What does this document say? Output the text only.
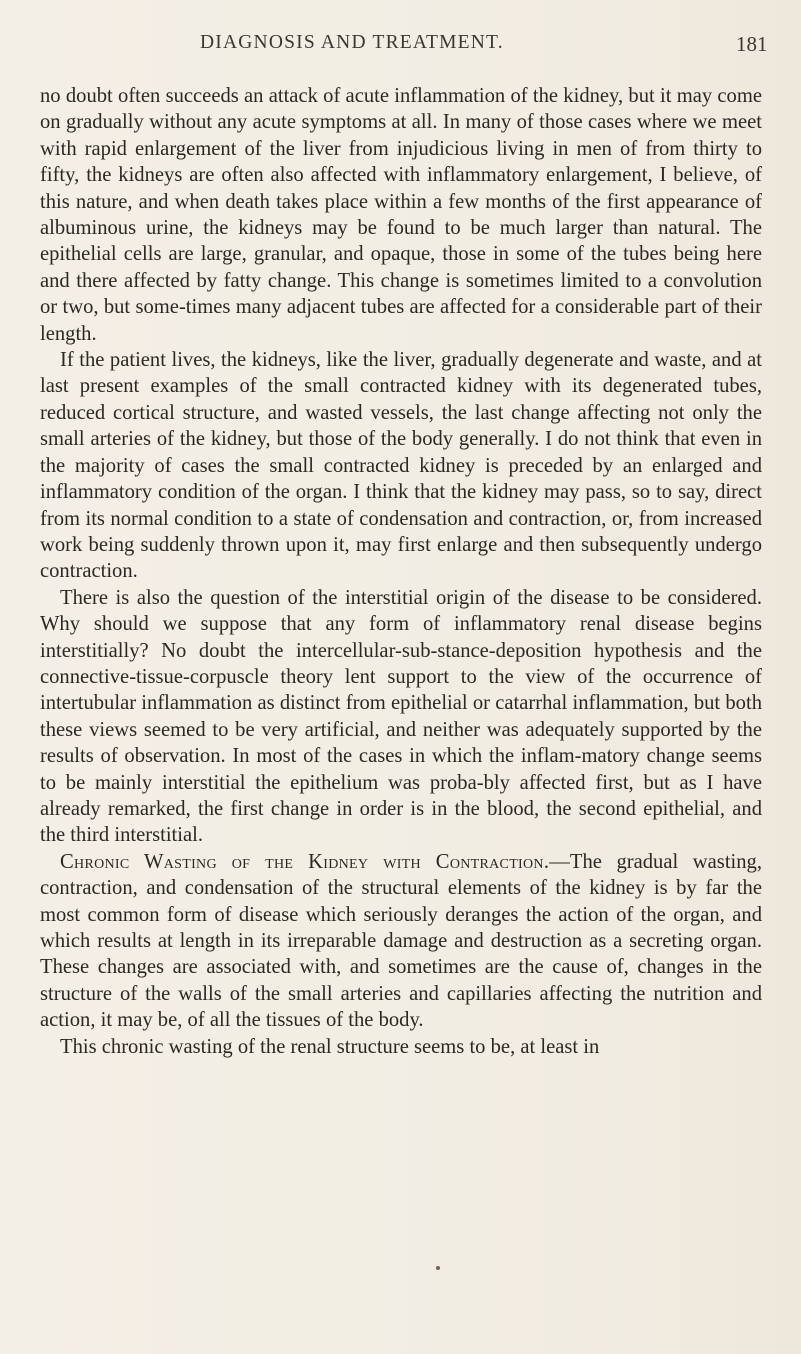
DIAGNOSIS AND TREATMENT.	181

no doubt often succeeds an attack of acute inflammation of the kidney, but it may come on gradually without any acute symptoms at all. In many of those cases where we meet with rapid enlargement of the liver from injudicious living in men of from thirty to fifty, the kidneys are often also affected with inflammatory enlargement, I believe, of this nature, and when death takes place within a few months of the first appearance of albuminous urine, the kidneys may be found to be much larger than natural. The epithelial cells are large, granular, and opaque, those in some of the tubes being here and there affected by fatty change. This change is sometimes limited to a convolution or two, but some-times many adjacent tubes are affected for a considerable part of their length.

If the patient lives, the kidneys, like the liver, gradually degenerate and waste, and at last present examples of the small contracted kidney with its degenerated tubes, reduced cortical structure, and wasted vessels, the last change affecting not only the small arteries of the kidney, but those of the body generally. I do not think that even in the majority of cases the small contracted kidney is preceded by an enlarged and inflammatory condition of the organ. I think that the kidney may pass, so to say, direct from its normal condition to a state of condensation and contraction, or, from increased work being suddenly thrown upon it, may first enlarge and then subsequently undergo contraction.

There is also the question of the interstitial origin of the disease to be considered. Why should we suppose that any form of inflammatory renal disease begins interstitially? No doubt the intercellular-sub-stance-deposition hypothesis and the connective-tissue-corpuscle theory lent support to the view of the occurrence of intertubular inflammation as distinct from epithelial or catarrhal inflammation, but both these views seemed to be very artificial, and neither was adequately supported by the results of observation. In most of the cases in which the inflam-matory change seems to be mainly interstitial the epithelium was proba-bly affected first, but as I have already remarked, the first change in order is in the blood, the second epithelial, and the third interstitial.

Chronic Wasting of the Kidney with Contraction.—The gradual wasting, contraction, and condensation of the structural elements of the kidney is by far the most common form of disease which seriously deranges the action of the organ, and which results at length in its irreparable damage and destruction as a secreting organ. These changes are associated with, and sometimes are the cause of, changes in the structure of the walls of the small arteries and capillaries affecting the nutrition and action, it may be, of all the tissues of the body.

This chronic wasting of the renal structure seems to be, at least in
